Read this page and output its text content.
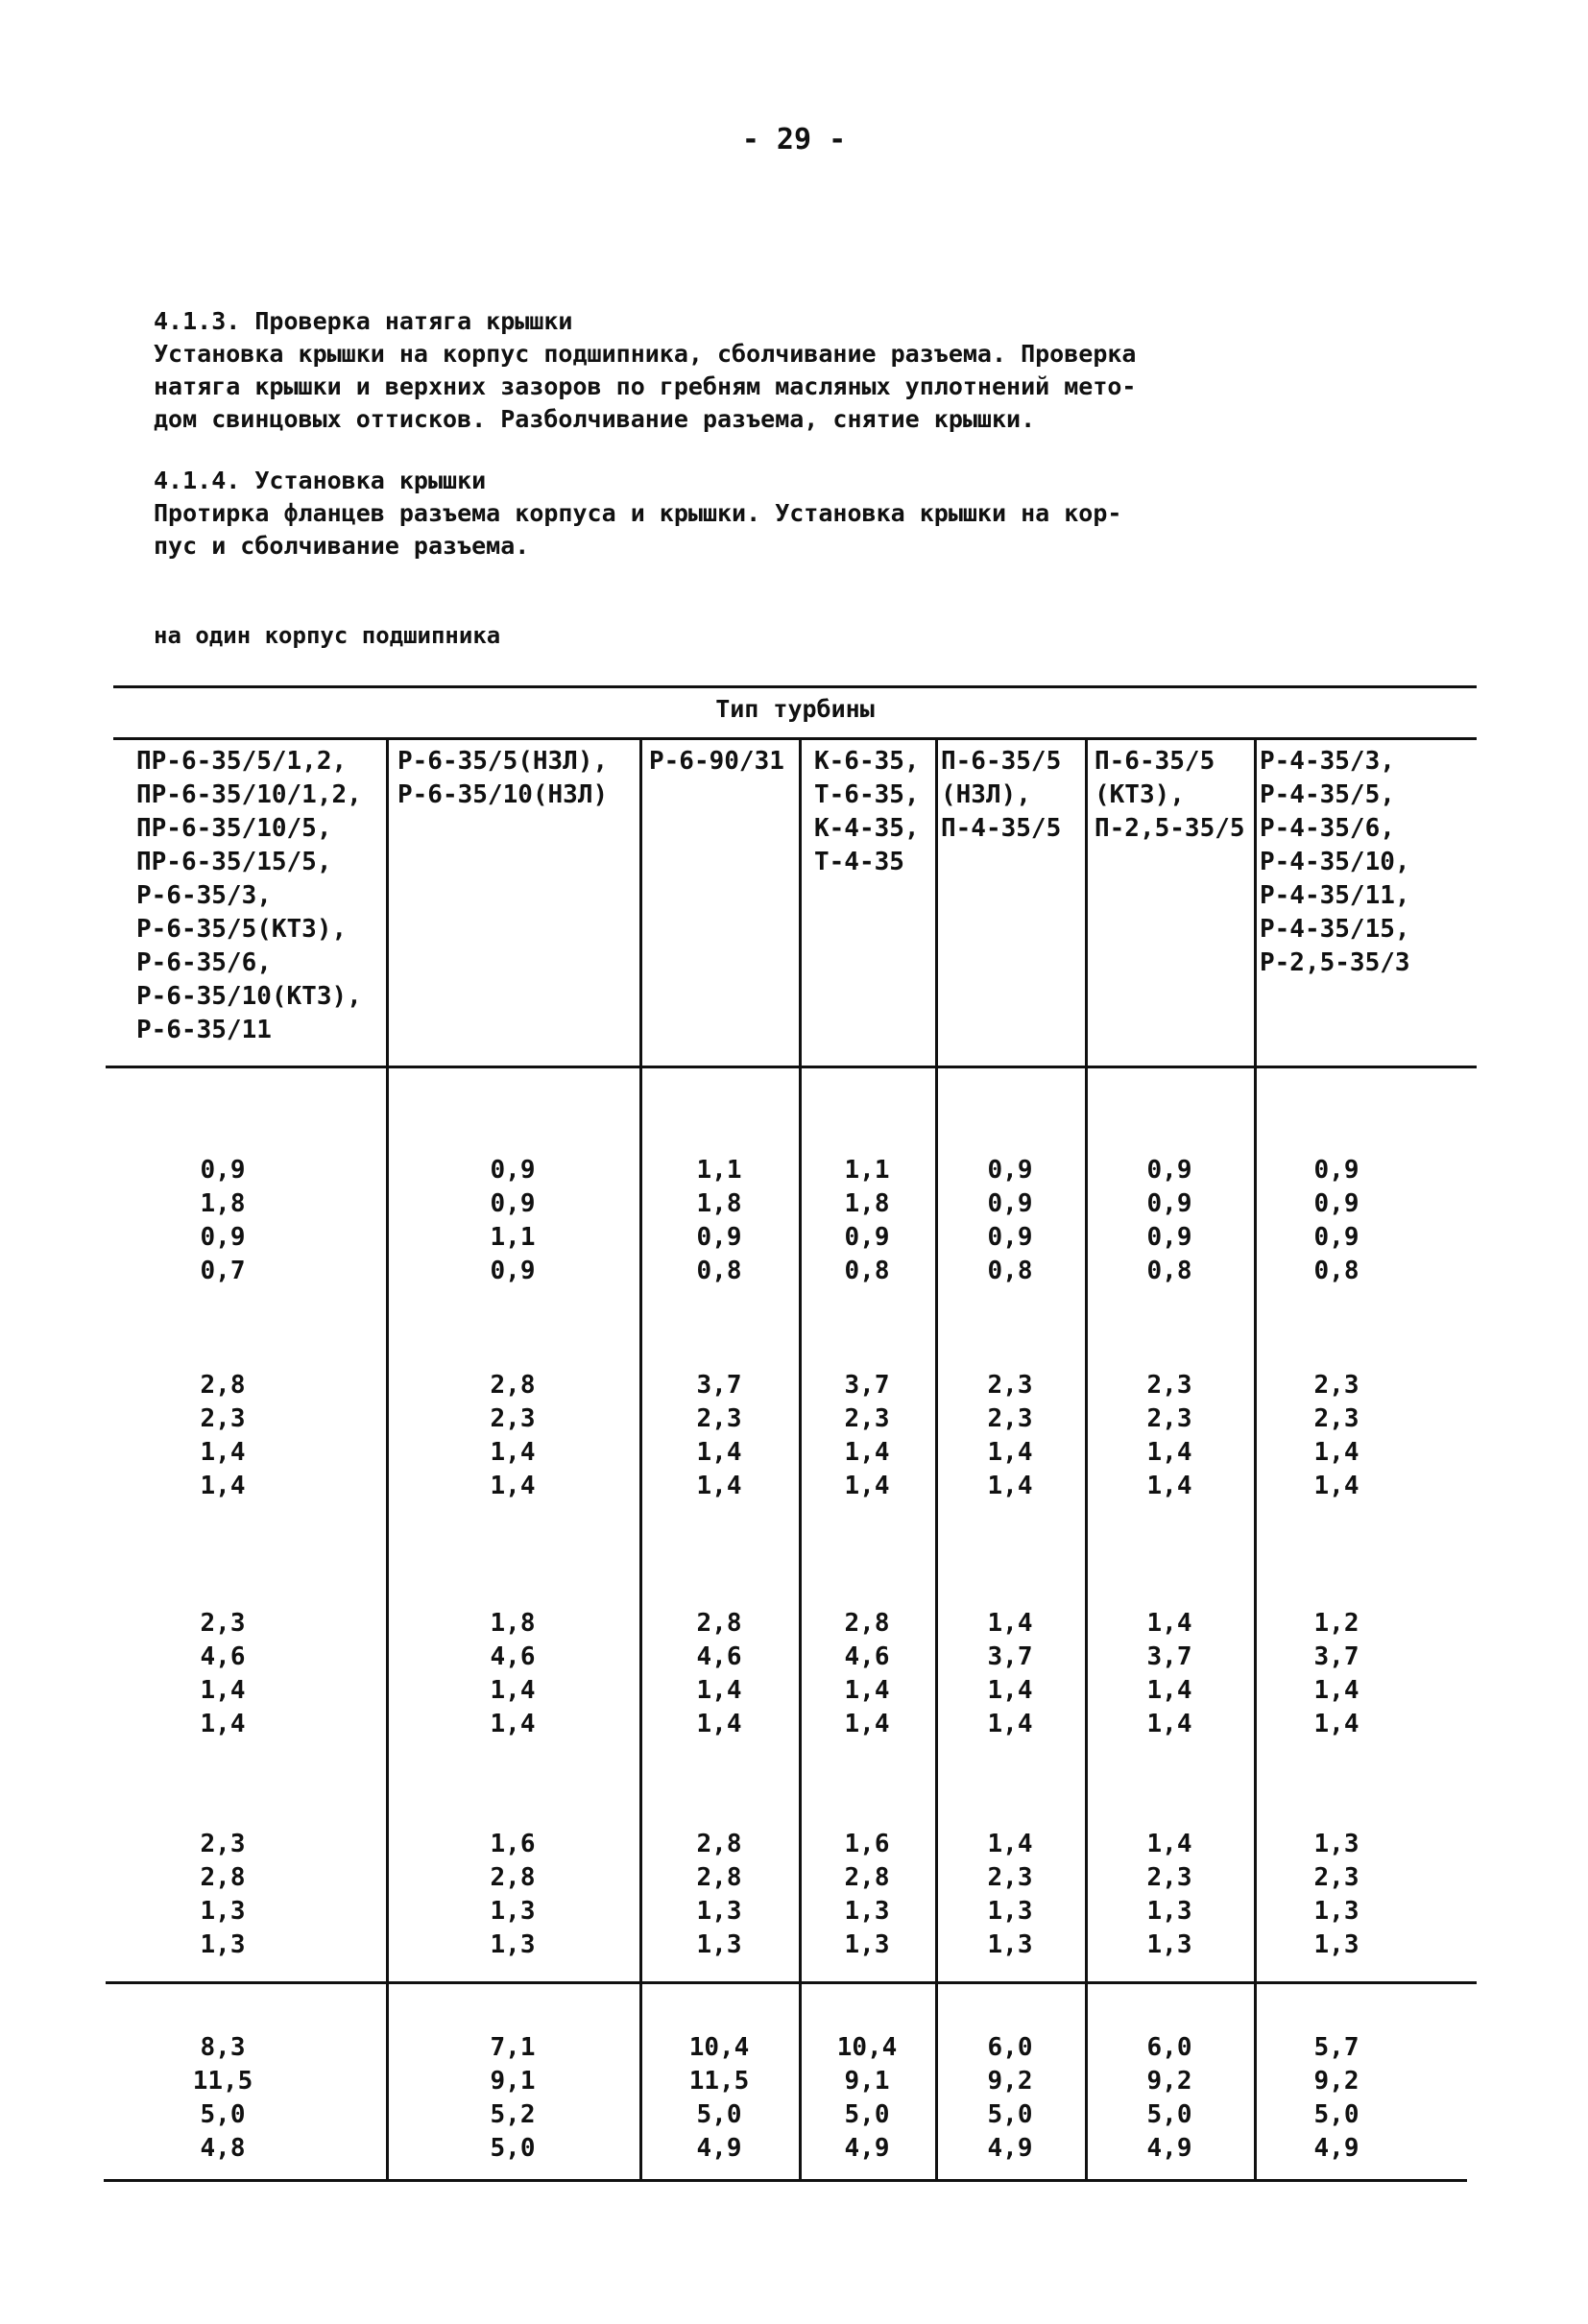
- 29 -

4.1.3. Проверка натяга крышки

Установка крышки на корпус подшипника, сболчивание разъема. Проверка

натяга крышки и верхних зазоров по гребням масляных уплотнений мето-

дом свинцовых оттисков. Разболчивание разъема, снятие крышки.

4.1.4. Установка крышки

Протирка фланцев разъема корпуса и крышки. Установка крышки на кор-

пус и сболчивание разъема.

на один корпус подшипника
Тип турбины
ПР-6-35/5/1,2,
ПР-6-35/10/1,2,
ПР-6-35/10/5,
ПР-6-35/15/5,
Р-6-35/3,
Р-6-35/5(КТЗ),
Р-6-35/6,
Р-6-35/10(КТЗ),
Р-6-35/11
Р-6-35/5(НЗЛ),
Р-6-35/10(НЗЛ)
Р-6-90/31 К-6-35,
Т-6-35,
К-4-35,
Т-4-35
П-6-35/5
(НЗЛ),
П-4-35/5
П-6-35/5
(КТЗ),
П-2,5-35/5
Р-4-35/3,
Р-4-35/5,
Р-4-35/6,
Р-4-35/10,
Р-4-35/11,
Р-4-35/15,
Р-2,5-35/3
0,9
1,8
0,9
0,7
0,9
0,9
1,1
0,9
1,1
1,8
0,9
0,8
1,1
1,8
0,9
0,8
0,9
0,9
0,9
0,8
0,9
0,9
0,9
0,8
0,9
0,9
0,9
0,8
2,8
2,3
1,4
1,4
2,8
2,3
1,4
1,4
3,7
2,3
1,4
1,4
3,7
2,3
1,4
1,4
2,3
2,3
1,4
1,4
2,3
2,3
1,4
1,4
2,3
2,3
1,4
1,4
2,3
4,6
1,4
1,4
1,8
4,6
1,4
1,4
2,8
4,6
1,4
1,4
2,8
4,6
1,4
1,4
1,4
3,7
1,4
1,4
1,4
3,7
1,4
1,4
1,2
3,7
1,4
1,4
2,3
2,8
1,3
1,3
1,6
2,8
1,3
1,3
2,8
2,8
1,3
1,3
1,6
2,8
1,3
1,3
1,4
2,3
1,3
1,3
1,4
2,3
1,3
1,3
1,3
2,3
1,3
1,3
8,3
11,5
5,0
4,8
7,1
9,1
5,2
5,0
10,4
11,5
5,0
4,9
10,4
9,1
5,0
4,9
6,0
9,2
5,0
4,9
6,0
9,2
5,0
4,9
5,7
9,2
5,0
4,9
